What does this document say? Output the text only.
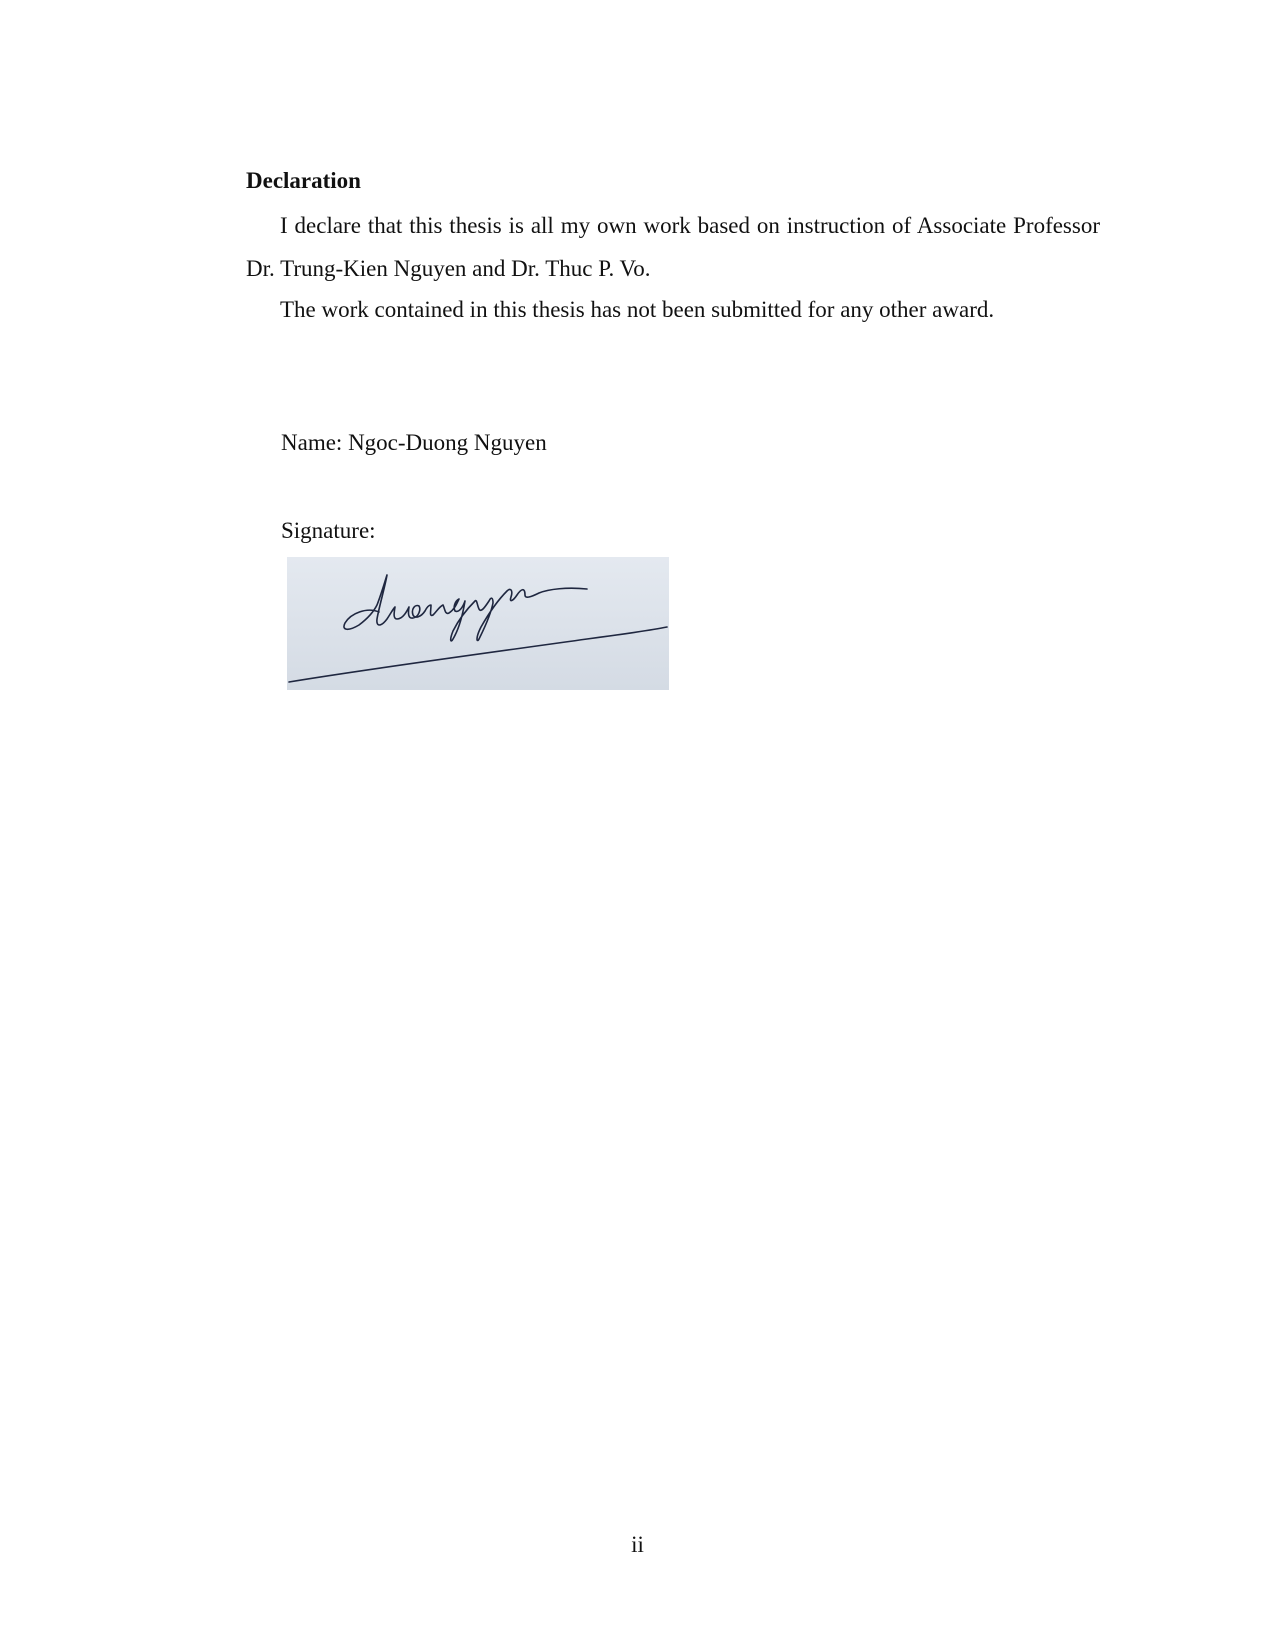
Declaration

I declare that this thesis is all my own work based on instruction of Associate Professor Dr. Trung-Kien Nguyen and Dr. Thuc P. Vo.

The work contained in this thesis has not been submitted for any other award.

Name: Ngoc-Duong Nguyen
Signature:
ii
